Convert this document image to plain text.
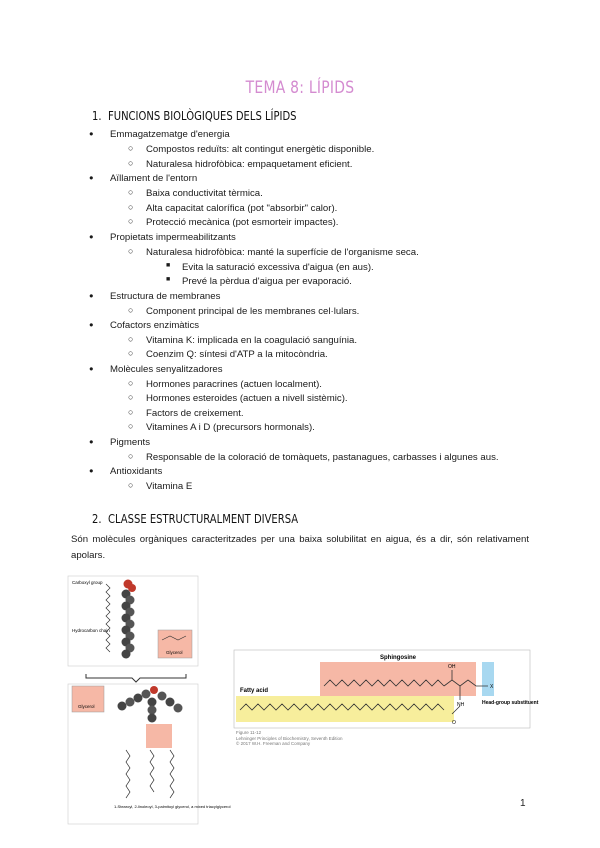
TEMA 8: LÍPIDS
1. FUNCIONS BIOLÒGIQUES DELS LÍPIDS
● Emmagatzematge d'energia
○ Compostos reduïts: alt contingut energètic disponible.
○ Naturalesa hidrofòbica: empaquetament eficient.
● Aïllament de l'entorn
○ Baixa conductivitat tèrmica.
○ Alta capacitat calorífica (pot "absorbir" calor).
○ Protecció mecànica (pot esmorteir impactes).
● Propietats impermeabilitzants
○ Naturalesa hidrofòbica: manté la superfície de l'organisme seca.
■ Evita la saturació excessiva d'aigua (en aus).
■ Prevé la pèrdua d'aigua per evaporació.
● Estructura de membranes
○ Component principal de les membranes cel·lulars.
● Cofactors enzimàtics
○ Vitamina K: implicada en la coagulació sanguínia.
○ Coenzim Q: síntesi d'ATP a la mitocòndria.
● Molècules senyalitzadores
○ Hormones paracrines (actuen localment).
○ Hormones esteroides (actuen a nivell sistèmic).
○ Factors de creixement.
○ Vitamines A i D (precursors hormonals).
● Pigments
○ Responsable de la coloració de tomàquets, pastanagues, carbasses i algunes aus.
● Antioxidants
○ Vitamina E
2. CLASSE ESTRUCTURALMENT DIVERSA
Són molècules orgàniques caracteritzades per una baixa solubilitat en aigua, és a dir, són relativament apolars.
Carboxyl group
Hydrocarbon chain
Glycerol
Glycerol
1-Stearoyl, 2-linoleoyl, 3-palmitoyl glycerol, a mixed triacylglycerol
Sphingosine
Fatty acid
Head-group substituent
OH
NH
O
X
Figure 11-12
Lehninger Principles of Biochemistry, Seventh Edition
© 2017 W.H. Freeman and Company
1
